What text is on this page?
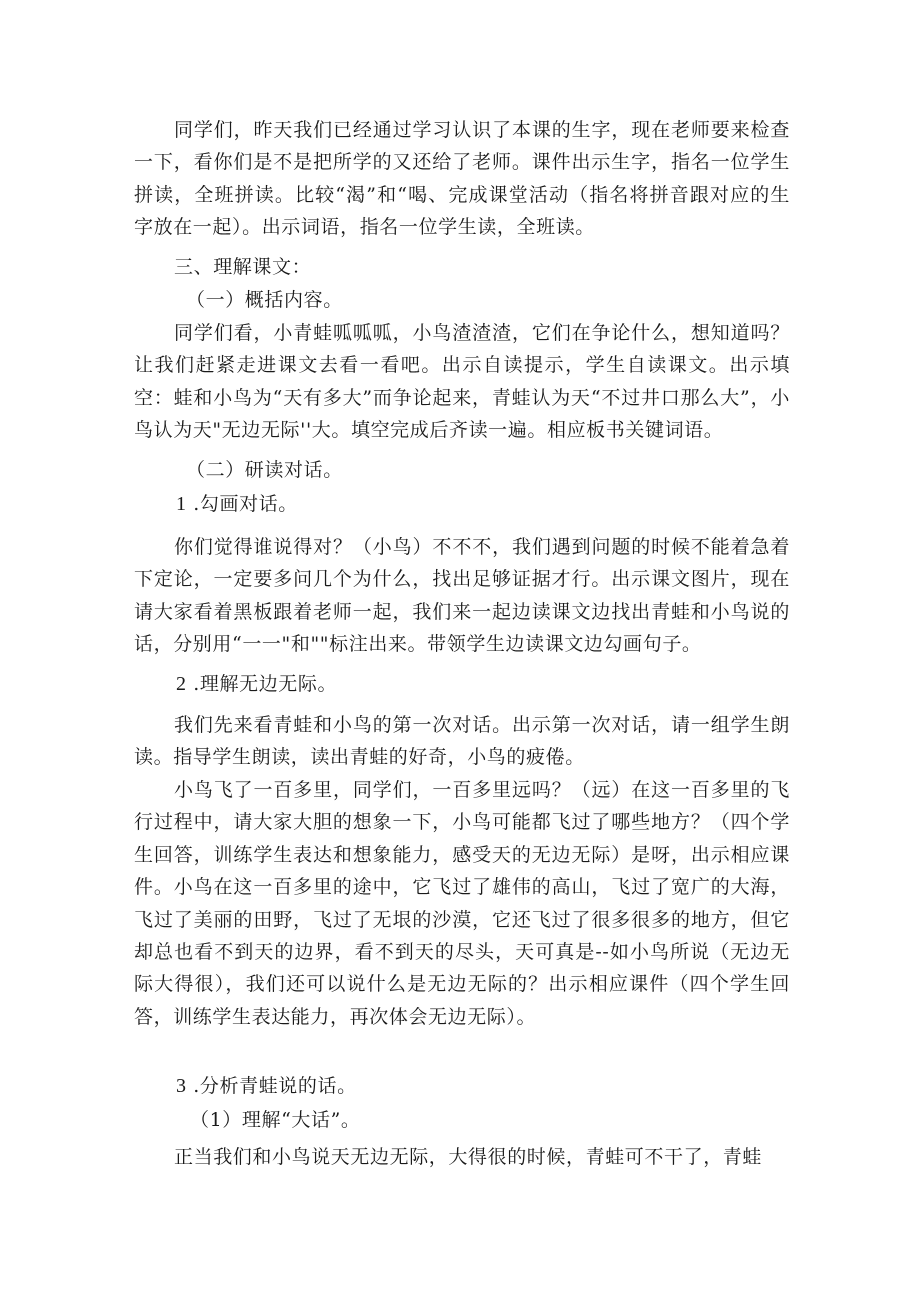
同学们，昨天我们已经通过学习认识了本课的生字，现在老师要来检查一下，看你们是不是把所学的又还给了老师。课件出示生字，指名一位学生拼读，全班拼读。比较“渴”和“喝、完成课堂活动（指名将拼音跟对应的生字放在一起）。出示词语，指名一位学生读，全班读。

三、理解课文：

（一）概括内容。

同学们看，小青蛙呱呱呱，小鸟渣渣渣，它们在争论什么，想知道吗？让我们赶紧走进课文去看一看吧。出示自读提示，学生自读课文。出示填空：蛙和小鸟为“天有多大”而争论起来，青蛙认为天“不过井口那么大”，小鸟认为天"无边无际''大。填空完成后齐读一遍。相应板书关键词语。

（二）研读对话。

1 .勾画对话。

你们觉得谁说得对？（小鸟）不不不，我们遇到问题的时候不能着急着下定论，一定要多问几个为什么，找出足够证据才行。出示课文图片，现在请大家看着黑板跟着老师一起，我们来一起边读课文边找出青蛙和小鸟说的话，分别用“一一"和""标注出来。带领学生边读课文边勾画句子。

2 .理解无边无际。

我们先来看青蛙和小鸟的第一次对话。出示第一次对话，请一组学生朗读。指导学生朗读，读出青蛙的好奇，小鸟的疲倦。

小鸟飞了一百多里，同学们，一百多里远吗？（远）在这一百多里的飞行过程中，请大家大胆的想象一下，小鸟可能都飞过了哪些地方？（四个学生回答，训练学生表达和想象能力，感受天的无边无际）是呀，出示相应课件。小鸟在这一百多里的途中，它飞过了雄伟的高山，飞过了宽广的大海，飞过了美丽的田野，飞过了无垠的沙漠，它还飞过了很多很多的地方，但它却总也看不到天的边界，看不到天的尽头，天可真是--如小鸟所说（无边无际大得很），我们还可以说什么是无边无际的？出示相应课件（四个学生回答，训练学生表达能力，再次体会无边无际）。

3 .分析青蛙说的话。

（1）理解“大话”。

正当我们和小鸟说天无边无际，大得很的时候，青蛙可不干了，青蛙
